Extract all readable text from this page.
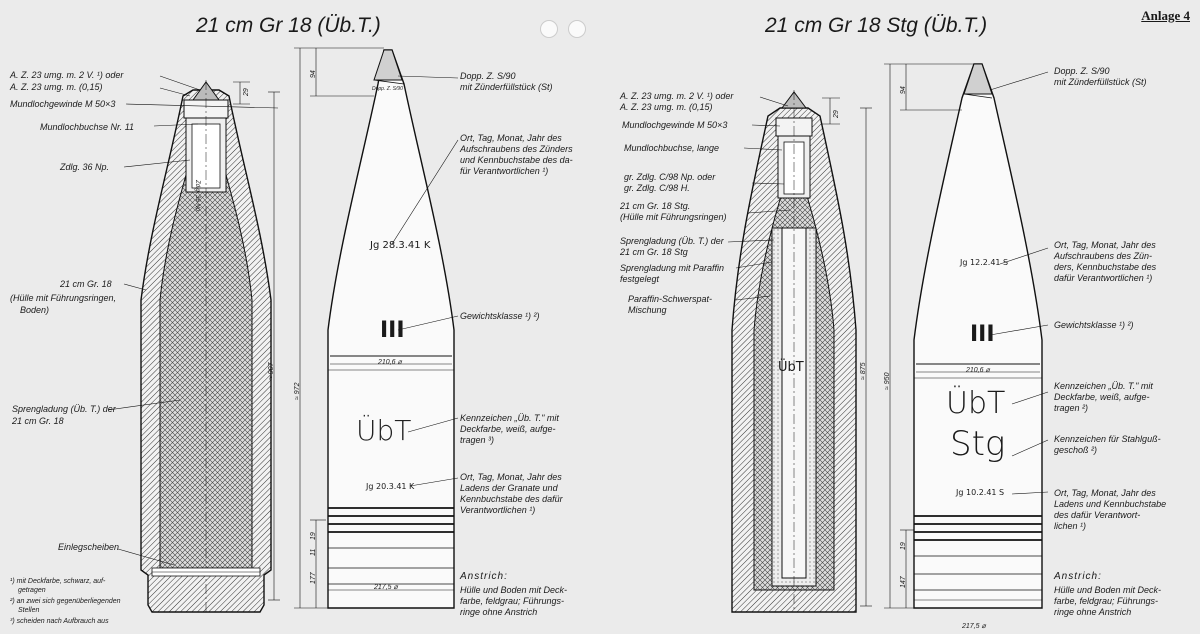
21 cm Gr 18 (Üb.T.)	21 cm Gr 18 Stg (Üb.T.)	Anlage 4
A. Z. 23 umg. m. 2 V. ¹) oder
A. Z. 23 umg. m. (0,15)
Mundlochgewinde M 50×3
Mundlochbuchse Nr. 11
Zdlg. 36 Np.
21 cm Gr. 18
(Hülle mit Führungsringen,
Boden)
Sprengladung (Üb. T.) der
21 cm Gr. 18
Einlegscheiben
¹) mit Deckfarbe, schwarz, auf-
getragen
²) an zwei sich gegenüberliegenden
Stellen
³) scheiden nach Aufbrauch aus
Dopp. Z. S/90
mit Zünderfüllstück (St)
Ort, Tag, Monat, Jahr des
Aufschraubens des Zünders
und Kennbuchstabe des da-
für Verantwortlichen ¹)
Gewichtsklasse ¹) ²)
Kennzeichen „Üb. T." mit
Deckfarbe, weiß, aufge-
tragen ³)
Ort, Tag, Monat, Jahr des
Ladens der Granate und
Kennbuchstabe des dafür
Verantwortlichen ¹)
Anstrich:
Hülle und Boden mit Deck-
farbe, feldgrau; Führungs-
ringe ohne Anstrich
Dopp. Z. S/90
Zdlg. 36 Np.
Jg 28.3.41 K
III
ÜbT
Jg 20.3.41 K
210,6 ⌀
217,5 ⌀
94
29
≈ 907
≈ 972
19
11
177
A. Z. 23 umg. m. 2 V. ¹) oder
A. Z. 23 umg. m. (0,15)
Mundlochgewinde M 50×3
Mundlochbuchse, lange
gr. Zdlg. C/98 Np. oder
gr. Zdlg. C/98 H.
21 cm Gr. 18 Stg.
(Hülle mit Führungsringen)
Sprengladung (Üb. T.) der
21 cm Gr. 18 Stg
Sprengladung mit Paraffin
festgelegt
Paraffin-Schwerspat-
Mischung
Dopp. Z. S/90
mit Zünderfüllstück (St)
Ort, Tag, Monat, Jahr des
Aufschraubens des Zün-
ders, Kennbuchstabe des
dafür Verantwortlichen ¹)
Gewichtsklasse ¹) ²)
Kennzeichen „Üb. T." mit
Deckfarbe, weiß, aufge-
tragen ²)
Kennzeichen für Stahlguß-
geschoß ²)
Ort, Tag, Monat, Jahr des
Ladens und Kennbuchstabe
des dafür Verantwort-
lichen ¹)
Anstrich:
Hülle und Boden mit Deck-
farbe, feldgrau; Führungs-
ringe ohne Anstrich
ÜbT
Jg 12.2.41 S
III
ÜbT
Stg
Jg 10.2.41 S
210,6 ⌀
217,5 ⌀
94
29
≈ 875
≈ 950
19
147
